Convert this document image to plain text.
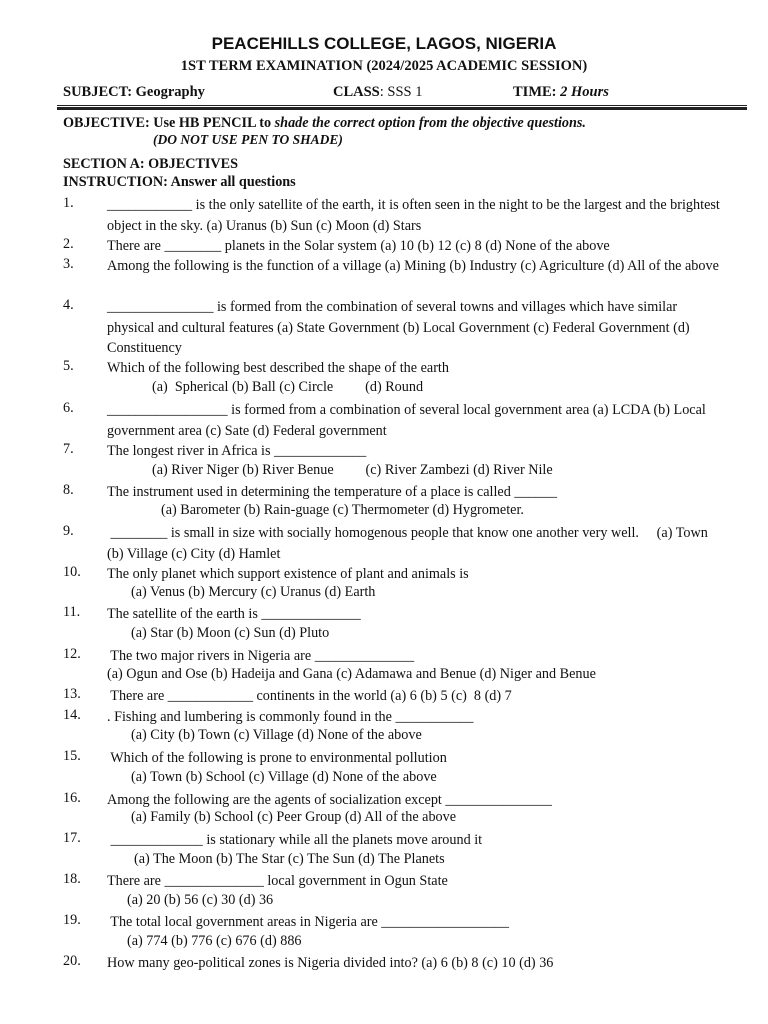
PEACEHILLS COLLEGE, LAGOS, NIGERIA
1ST TERM EXAMINATION (2024/2025 ACADEMIC SESSION)
SUBJECT: Geography	CLASS: SSS 1	TIME: 2 Hours
OBJECTIVE: Use HB PENCIL to shade the correct option from the objective questions.
(DO NOT USE PEN TO SHADE)
SECTION A: OBJECTIVES
INSTRUCTION: Answer all questions
1. ____________ is the only satellite of the earth, it is often seen in the night to be the largest and the brightest object in the sky. (a) Uranus (b) Sun (c) Moon (d) Stars
2. There are ________ planets in the Solar system (a) 10 (b) 12 (c) 8 (d) None of the above
3. Among the following is the function of a village (a) Mining (b) Industry (c) Agriculture (d) All of the above
4. _______________ is formed from the combination of several towns and villages which have similar physical and cultural features (a) State Government (b) Local Government (c) Federal Government (d) Constituency
5. Which of the following best described the shape of the earth
(a)  Spherical (b) Ball (c) Circle         (d) Round
6. _________________ is formed from a combination of several local government area (a) LCDA (b) Local government area (c) Sate (d) Federal government
7. The longest river in Africa is _____________
(a) River Niger (b) River Benue         (c) River Zambezi (d) River Nile
8. The instrument used in determining the temperature of a place is called ______
(a) Barometer (b) Rain-guage (c) Thermometer (d) Hygrometer.
9. ________ is small in size with socially homogenous people that know one another very well.     (a) Town (b) Village (c) City (d) Hamlet
10. The only planet which support existence of plant and animals is
(a) Venus (b) Mercury (c) Uranus (d) Earth
11. The satellite of the earth is ______________
(a) Star (b) Moon (c) Sun (d) Pluto
12. The two major rivers in Nigeria are ______________
(a) Ogun and Ose (b) Hadeija and Gana (c) Adamawa and Benue (d) Niger and Benue
13. There are ____________ continents in the world (a) 6 (b) 5 (c)  8 (d) 7
14. . Fishing and lumbering is commonly found in the ___________
(a) City (b) Town (c) Village (d) None of the above
15. Which of the following is prone to environmental pollution
(a) Town (b) School (c) Village (d) None of the above
16. Among the following are the agents of socialization except _______________
(a) Family (b) School (c) Peer Group (d) All of the above
17. _____________ is stationary while all the planets move around it
(a) The Moon (b) The Star (c) The Sun (d) The Planets
18. There are ______________ local government in Ogun State
(a) 20 (b) 56 (c) 30 (d) 36
19. The total local government areas in Nigeria are __________________
(a) 774 (b) 776 (c) 676 (d) 886
20. How many geo-political zones is Nigeria divided into? (a) 6 (b) 8 (c) 10 (d) 36
